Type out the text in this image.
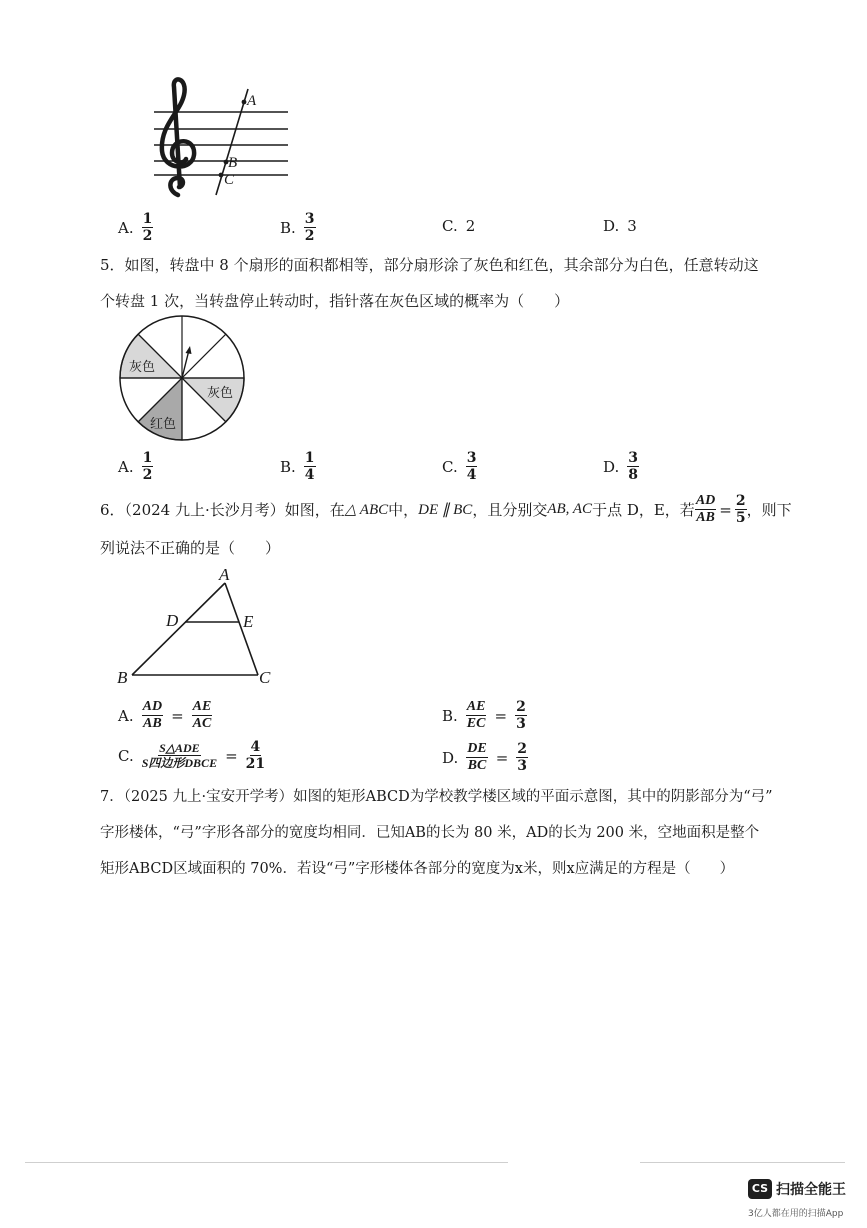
A
B
C
A. $\frac{1}{2}$	B. $\frac{3}{2}$	C. 2	D. 3
5．如图，转盘中 8 个扇形的面积都相等，部分扇形涂了灰色和红色，其余部分为白色，任意转动这
个转盘 1 次，当转盘停止转动时，指针落在灰色区域的概率为（　　）
灰色
灰色
红色
A. $\frac{1}{2}$	B. $\frac{1}{4}$	C. $\frac{3}{4}$	D. $\frac{3}{8}$
6．（2024 九上·长沙月考）如图，在 △ ABC 中， DE ∥ BC ，且分别交 AB, AC 于点 D，E，若 $\frac{AD}{AB} = \frac{2}{5}$ ，则下
列说法不正确的是（　　）
A
D	E
B	C
A. $\frac{AD}{AB} = \frac{AE}{AC}$	B. $\frac{AE}{EC} = \frac{2}{3}$
C. $\frac{\text{S△ADE}}{\text{S四边形DBCE}} = \frac{4}{21}$	D. $\frac{DE}{BC} = \frac{2}{3}$
7．（2025 九上·宝安开学考）如图的矩形ABCD为学校教学楼区域的平面示意图，其中的阴影部分为“弓”
字形楼体，“弓”字形各部分的宽度均相同．已知AB的长为 80 米，AD的长为 200 米，空地面积是整个
矩形ABCD区域面积的 70%．若设“弓”字形楼体各部分的宽度为x米，则x应满足的方程是（　　）
CS 扫描全能王
3亿人都在用的扫描App
